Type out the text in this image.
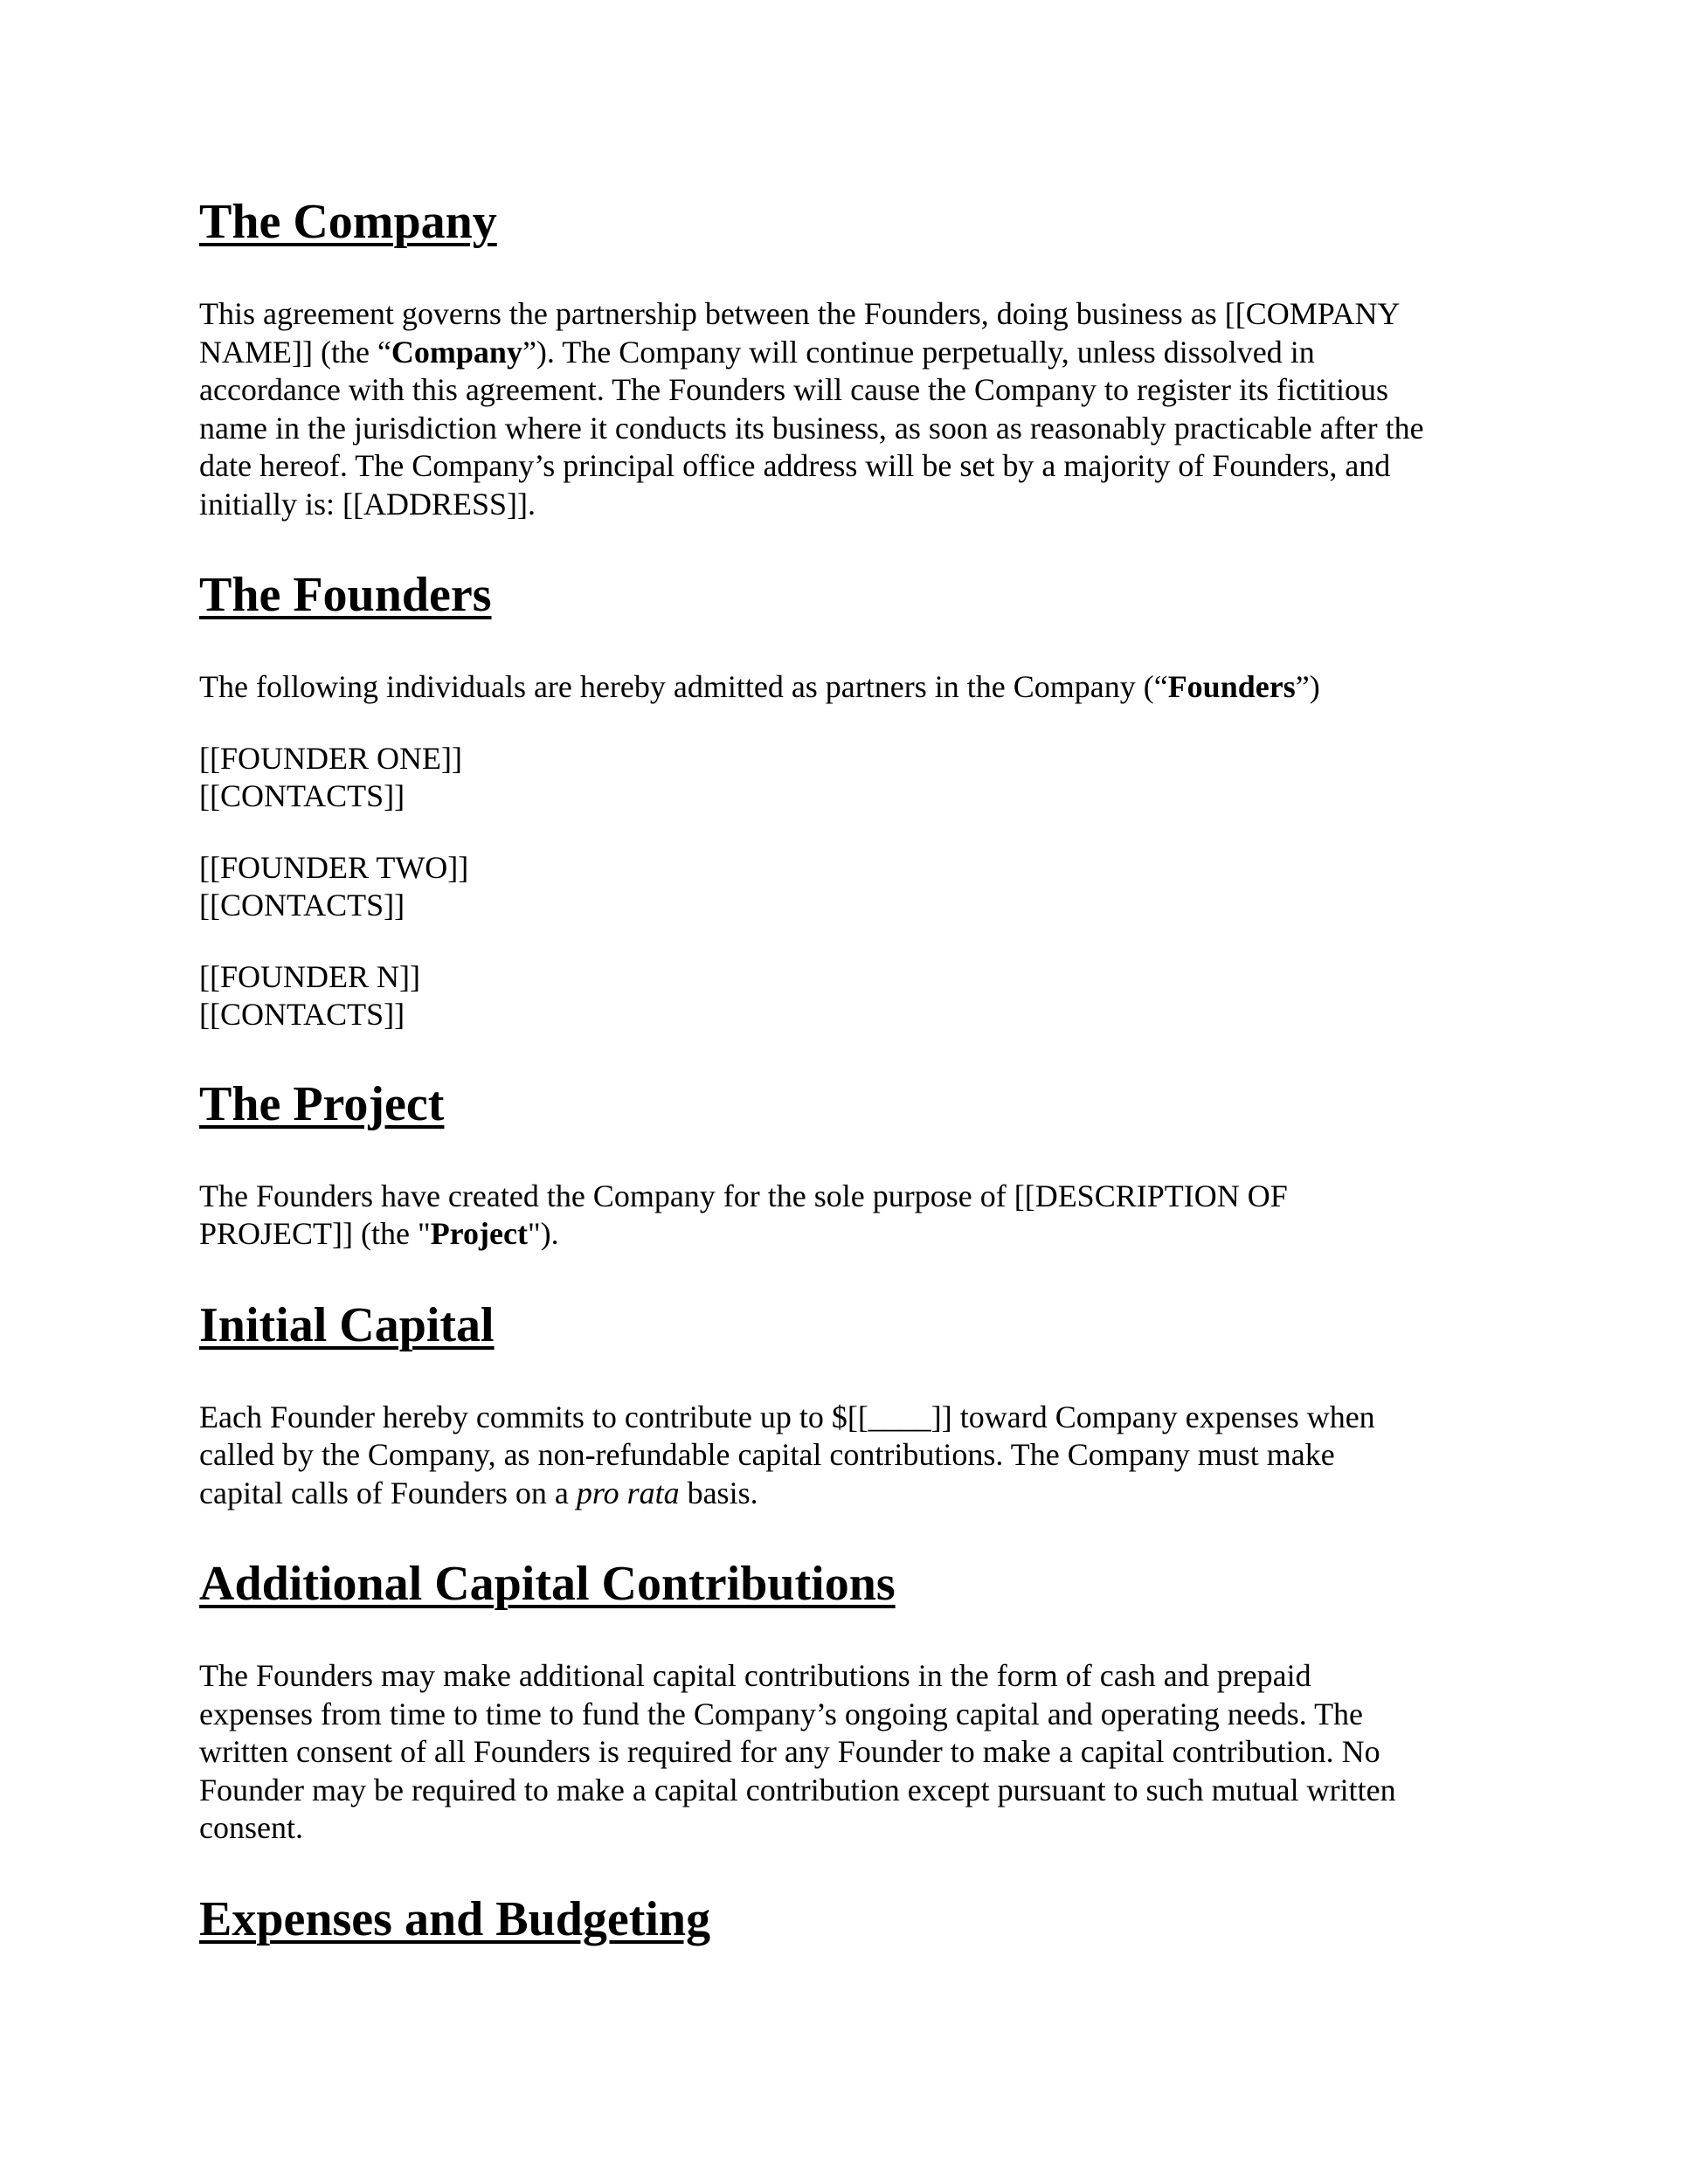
The Company

This agreement governs the partnership between the Founders, doing business as [[COMPANY
NAME]] (the “Company”). The Company will continue perpetually, unless dissolved in
accordance with this agreement. The Founders will cause the Company to register its fictitious
name in the jurisdiction where it conducts its business, as soon as reasonably practicable after the
date hereof. The Company’s principal office address will be set by a majority of Founders, and
initially is: [[ADDRESS]].

The Founders

The following individuals are hereby admitted as partners in the Company (“Founders”)

[[FOUNDER ONE]]
[[CONTACTS]]
[[FOUNDER TWO]]
[[CONTACTS]]
[[FOUNDER N]]
[[CONTACTS]]
The Project

The Founders have created the Company for the sole purpose of [[DESCRIPTION OF
PROJECT]] (the "Project").

Initial Capital

Each Founder hereby commits to contribute up to $[[____]] toward Company expenses when
called by the Company, as non-refundable capital contributions. The Company must make
capital calls of Founders on a pro rata basis.

Additional Capital Contributions

The Founders may make additional capital contributions in the form of cash and prepaid
expenses from time to time to fund the Company’s ongoing capital and operating needs. The
written consent of all Founders is required for any Founder to make a capital contribution. No
Founder may be required to make a capital contribution except pursuant to such mutual written
consent.

Expenses and Budgeting
